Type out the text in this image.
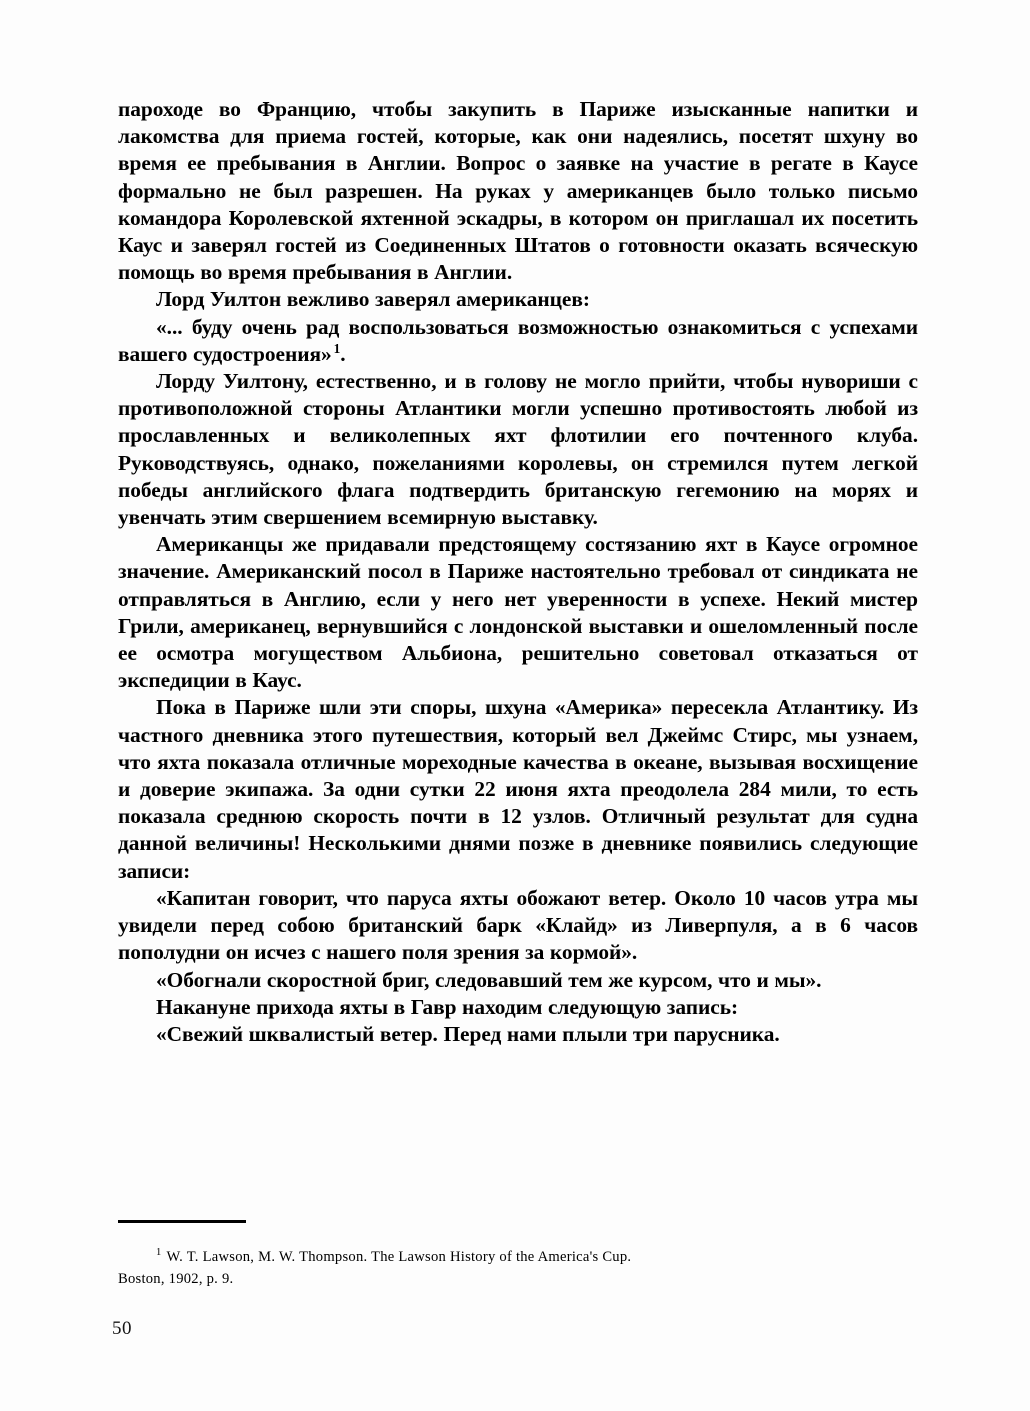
пароходе во Францию, чтобы закупить в Париже изысканные напитки и лакомства для приема гостей, которые, как они надеялись, посетят шхуну во время ее пребывания в Англии. Вопрос о заявке на участие в регате в Каусе формально не был разрешен. На руках у американцев было только письмо командора Королевской яхтенной эскадры, в котором он приглашал их посетить Каус и заверял гостей из Соединенных Штатов о готовности оказать всяческую помощь во время пребывания в Англии.

Лорд Уилтон вежливо заверял американцев:

«... буду очень рад воспользоваться возможностью ознакомиться с успехами вашего судостроения» $^1$.

Лорду Уилтону, естественно, и в голову не могло прийти, чтобы нувориши с противоположной стороны Атлантики могли успешно противостоять любой из прославленных и великолепных яхт флотилии его почтенного клуба. Руководствуясь, однако, пожеланиями королевы, он стремился путем легкой победы английского флага подтвердить британскую гегемонию на морях и увенчать этим свершением всемирную выставку.

Американцы же придавали предстоящему состязанию яхт в Каусе огромное значение. Американский посол в Париже настоятельно требовал от синдиката не отправляться в Англию, если у него нет уверенности в успехе. Некий мистер Грили, американец, вернувшийся с лондонской выставки и ошеломленный после ее осмотра могуществом Альбиона, решительно советовал отказаться от экспедиции в Каус.

Пока в Париже шли эти споры, шхуна «Америка» пересекла Атлантику. Из частного дневника этого путешествия, который вел Джеймс Стирс, мы узнаем, что яхта показала отличные мореходные качества в океане, вызывая восхищение и доверие экипажа. За одни сутки 22 июня яхта преодолела 284 мили, то есть показала среднюю скорость почти в 12 узлов. Отличный результат для судна данной величины! Несколькими днями позже в дневнике появились следующие записи:

«Капитан говорит, что паруса яхты обожают ветер. Около 10 часов утра мы увидели перед собою британский барк «Клайд» из Ливерпуля, а в 6 часов пополудни он исчез с нашего поля зрения за кормой».

«Обогнали скоростной бриг, следовавший тем же курсом, что и мы».

Накануне прихода яхты в Гавр находим следующую запись:

«Свежий шквалистый ветер. Перед нами плыли три парусника.

$^1$ W. T. Lawson, M. W. Thompson. The Lawson History of the America's Cup.
Boston, 1902, p. 9.
50
